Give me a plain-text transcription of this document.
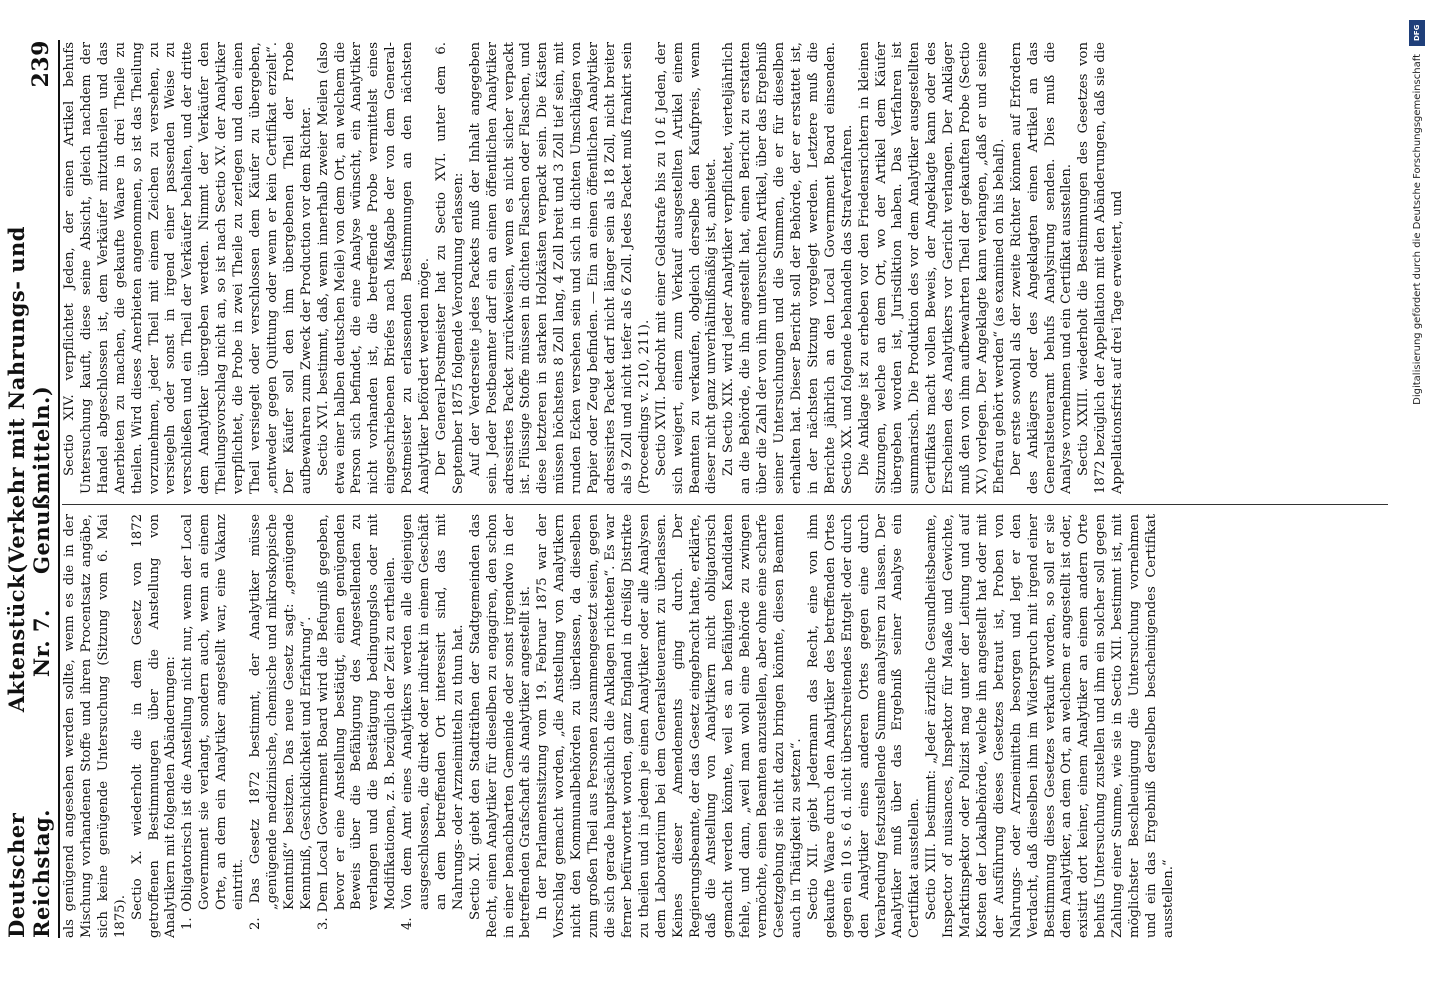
Deutscher Reichstag.
Aktenstück Nr. 7.
(Verkehr mit Nahrungs- und Genußmitteln.)
239

als genügend angesehen werden sollte, wenn es die in der Mischung vorhandenen Stoffe und ihren Procentsatz angäbe, sich keine genügende Untersuchung (Sitzung vom 6. Mai 1875). Sectio X. wiederholt die in dem Gesetz von 1872 getroffenen Bestimmungen über die Anstellung von Analytikern mit folgenden Abänderungen: 1. Obligatorisch ist die Anstellung nicht nur, wenn der Local Government sie verlangt, sondern auch, wenn an einem Orte, an dem ein Analytiker angestellt war, eine Vakanz eintritt. 2. Das Gesetz 1872 bestimmt, der Analytiker müsse „genügende medizinische, chemische und mikroskopische Kenntniß“ besitzen. Das neue Gesetz sagt: „genügende Kenntniß, Geschicklichkeit und Erfahrung“. 3. Dem Local Government Board wird die Befugniß gegeben, bevor er eine Anstellung bestätigt, einen genügenden Beweis über die Befähigung des Angestellenden zu verlangen und die Bestätigung bedingungslos oder mit Modifikationen, z. B. bezüglich der Zeit zu ertheilen. 4. Von dem Amt eines Analytikers werden alle diejenigen ausgeschlossen, die direkt oder indirekt in einem Geschäft an dem betreffenden Ort interessirt sind, das mit Nahrungs- oder Arzneimitteln zu thun hat. Sectio XI. giebt den Stadträthen der Stadtgemeinden das Recht, einen Analytiker für dieselben zu engagiren, den schon in einer benachbarten Gemeinde oder sonst irgendwo in der betreffenden Grafschaft als Analytiker angestellt ist. In der Parlamentssitzung vom 19. Februar 1875 war der Vorschlag gemacht worden, „die Anstellung von Analytikern nicht den Kommunalbehörden zu überlassen, da dieselben zum großen Theil aus Personen zusammengesetzt seien, gegen die sich gerade hauptsächlich die Anklagen richteten“. Es war ferner befürwortet worden, ganz England in dreißig Distrikte zu theilen und in jedem je einen Analytiker oder alle Analysen dem Laboratorium bei dem Generalsteueramt zu überlassen. Keines dieser Amendements ging durch. Der Regierungsbeamte, der das Gesetz eingebracht hatte, erklärte, daß die Anstellung von Analytikern nicht obligatorisch gemacht werden könnte, weil es an befähigten Kandidaten fehle, und dann, „weil man wohl eine Behörde zu zwingen vermöchte, einen Beamten anzustellen, aber ohne eine scharfe Gesetzgebung sie nicht dazu bringen könnte, diesen Beamten auch in Thätigkeit zu setzen“. Sectio XII. giebt Jedermann das Recht, eine von ihm gekaufte Waare durch den Analytiker des betreffenden Ortes gegen ein 10 s. 6 d. nicht überschreitendes Entgelt oder durch den Analytiker eines anderen Ortes gegen eine durch Verabredung festzustellende Summe analysiren zu lassen. Der Analytiker muß über das Ergebniß seiner Analyse ein Certifikat ausstellen. Sectio XIII. bestimmt: „Jeder ärztliche Gesundheitsbeamte, Inspector of nuisances, Inspektor für Maaße und Gewichte, Marktinspektor oder Polizist mag unter der Leitung und auf Kosten der Lokalbehörde, welche ihn angestellt hat oder mit der Ausführung dieses Gesetzes betraut ist, Proben von Nahrungs- oder Arzneimitteln besorgen und legt er den Verdacht, daß dieselben ihm im Widerspruch mit irgend einer Bestimmung dieses Gesetzes verkauft worden, so soll er sie dem Analytiker, an dem Ort, an welchem er angestellt ist oder, existirt dort keiner, einem Analytiker an einem andern Orte behufs Untersuchung zustellen und ihm ein solcher soll gegen Zahlung einer Summe, wie sie in Sectio XII. bestimmt ist, mit möglichster Beschleunigung die Untersuchung vornehmen und ein das Ergebniß derselben bescheinigendes Certifikat ausstellen.“

Sectio XIV. verpflichtet Jeden, der einen Artikel behufs Untersuchung kauft, diese seine Absicht, gleich nachdem der Handel abgeschlossen ist, dem Verkäufer mitzutheilen und das Anerbieten zu machen, die gekaufte Waare in drei Theile zu theilen. Wird dieses Anerbieten angenommen, so ist das Theilung vorzunehmen, jeder Theil mit einem Zeichen zu versehen, zu versiegeln oder sonst in irgend einer passenden Weise zu verschließen und ein Theil der Verkäufer behalten, und der dritte dem Analytiker übergeben werden. Nimmt der Verkäufer den Theilungsvorschlag nicht an, so ist nach Sectio XV. der Analytiker verpflichtet, die Probe in zwei Theile zu zerlegen und den einen Theil versiegelt oder verschlossen dem Käufer zu übergeben, „entweder gegen Quittung oder wenn er kein Certifikat erzielt“. Der Käufer soll den ihm übergebenen Theil der Probe aufbewahren zum Zweck der Production vor dem Richter. Sectio XVI. bestimmt, daß, wenn innerhalb zweier Meilen (also etwa einer halben deutschen Meile) von dem Ort, an welchem die Person sich befindet, die eine Analyse wünscht, ein Analytiker nicht vorhanden ist, die betreffende Probe vermittelst eines eingeschriebenen Briefes nach Maßgabe der von dem General-Postmeister zu erlassenden Bestimmungen an den nächsten Analytiker befördert werden möge. Der General-Postmeister hat zu Sectio XVI. unter dem 6. September 1875 folgende Verordnung erlassen: Auf der Verderseite jedes Packets muß der Inhalt angegeben sein. Jeder Postbeamter darf ein an einen öffentlichen Analytiker adressirtes Packet zurückweisen, wenn es nicht sicher verpackt ist. Flüssige Stoffe müssen in dichten Flaschen oder Flaschen, und diese letzteren in starken Holzkästen verpackt sein. Die Kästen müssen höchstens 8 Zoll lang, 4 Zoll breit und 3 Zoll tief sein, mit runden Ecken versehen sein und sich in dichten Umschlägen von Papier oder Zeug befinden. — Ein an einen öffentlichen Analytiker adressirtes Packet darf nicht länger sein als 18 Zoll, nicht breiter als 9 Zoll und nicht tiefer als 6 Zoll. Jedes Packet muß frankirt sein (Proceedings v. 210, 211). Sectio XVII. bedroht mit einer Geldstrafe bis zu 10 £ Jeden, der sich weigert, einem zum Verkauf ausgestellten Artikel einem Beamten zu verkaufen, obgleich derselbe den Kaufpreis, wenn dieser nicht ganz unverhältnißmäßig ist, anbietet. Zu Sectio XIX. wird jeder Analytiker verpflichtet, vierteljährlich an die Behörde, die ihn angestellt hat, einen Bericht zu erstatten über die Zahl der von ihm untersuchten Artikel, über das Ergebniß seiner Untersuchungen und die Summen, die er für dieselben erhalten hat. Dieser Bericht soll der Behörde, der er erstattet ist, in der nächsten Sitzung vorgelegt werden. Letztere muß die Berichte jährlich an den Local Government Board einsenden. Sectio XX. und folgende behandeln das Strafverfahren. Die Anklage ist zu erheben vor den Friedensrichtern in kleinen Sitzungen, welche an dem Ort, wo der Artikel dem Käufer übergeben worden ist, Jurisdiktion haben. Das Verfahren ist summarisch. Die Produktion des vor dem Analytiker ausgestellten Certifikats macht vollen Beweis, der Angeklagte kann oder des Erscheinen des Analytikers vor Gericht verlangen. Der Ankläger muß den von ihm aufbewahrten Theil der gekauften Probe (Sectio XV.) vorlegen. Der Angeklagte kann verlangen, „daß er und seine Ehefrau gehört werden“ (as examined on his behalf). Der erste sowohl als der zweite Richter können auf Erfordern des Anklägers oder des Angeklagten einen Artikel an das Generalsteueramt behufs Analysirung senden. Dies muß die Analyse vornehmen und ein Certifikat ausstellen. Sectio XXIII. wiederholt die Bestimmungen des Gesetzes von 1872 bezüglich der Appellation mit den Abänderungen, daß sie die Appellationsfrist auf drei Tage erweitert, und

DFG
Digitalisierung gefördert durch die Deutsche Forschungsgemeinschaft
